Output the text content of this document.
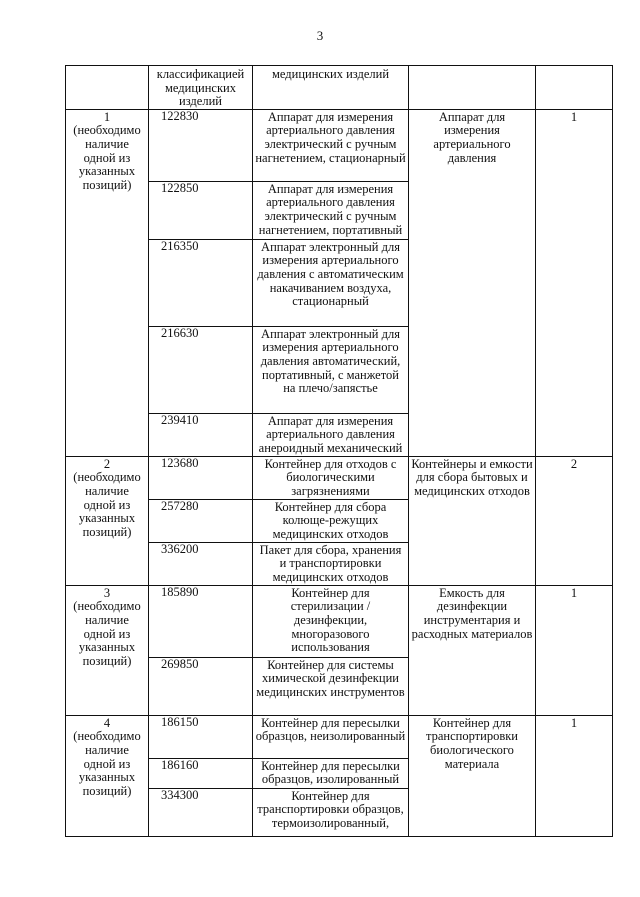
3
	классификацией медицинских изделий	медицинских изделий		

1
(необходимо наличие одной из указанных позиций)	122830	Аппарат для измерения артериального давления электрический с ручным нагнетением, стационарный	Аппарат для измерения артериального давления	1
	122850	Аппарат для измерения артериального давления электрический с ручным нагнетением, портативный		
	216350	Аппарат электронный для измерения артериального давления с автоматическим накачиванием воздуха, стационарный		
	216630	Аппарат электронный для измерения артериального давления автоматический, портативный, с манжетой на плечо/запястье		
	239410	Аппарат для измерения артериального давления анероидный механический		

2
(необходимо наличие одной из указанных позиций)	123680	Контейнер для отходов с биологическими загрязнениями	Контейнеры и емкости для сбора бытовых и медицинских отходов	2
	257280	Контейнер для сбора колюще-режущих медицинских отходов		
	336200	Пакет для сбора, хранения и транспортировки медицинских отходов		

3
(необходимо наличие одной из указанных позиций)	185890	Контейнер для стерилизации /дезинфекции, многоразового использования	Емкость для дезинфекции инструментария и расходных материалов	1
	269850	Контейнер для системы химической дезинфекции медицинских инструментов		

4
(необходимо наличие одной из указанных позиций)	186150	Контейнер для пересылки образцов, неизолированный	Контейнер для транспортировки биологического материала	1
	186160	Контейнер для пересылки образцов, изолированный		
	334300	Контейнер для транспортировки образцов, термоизолированный,		
